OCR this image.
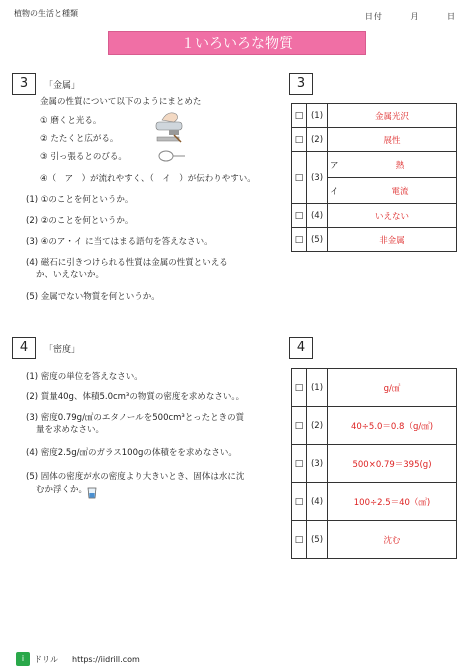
植物の生活と種類	日付	月	日
１いろいろな物質
3	「金属」
金属の性質について以下のようにまとめた
① 磨くと光る。
② たたくと広がる。
③ 引っ張るとのびる。
④（　ア　）が流れやすく、（　イ　）が伝わりやすい。
(1) ①のことを何というか。
(2) ②のことを何というか。
(3) ④のア・イ に当てはまる語句を答えなさい。
(4) 磁石に引きつけられる性質は金属の性質といえる
か、いえないか。
(5) 金属でない物質を何というか。
3
□	(1)	金属光沢	
□	(2)	展性	
□	(3)	ア	熱
		イ	電流
□	(4)	いえない	
□	(5)	非金属	
4	「密度」
(1) 密度の単位を答えなさい。
(2) 質量40g、体積5.0cm³の物質の密度を求めなさい。。
(3) 密度0.79g/㎤のエタノールを500cm³とったときの質
量を求めなさい。
(4) 密度2.5g/㎤のガラス100gの体積をを求めなさい。
(5) 固体の密度が水の密度より大きいとき、固体は水に沈
むか浮くか。
4
□	(1)	g/㎤
□	(2)	40÷5.0＝0.8（g/㎤)
□	(3)	500×0.79＝395(g)
□	(4)	100÷2.5＝40（㎤)
□	(5)	沈む
i	ドリル https://iidrill.com
